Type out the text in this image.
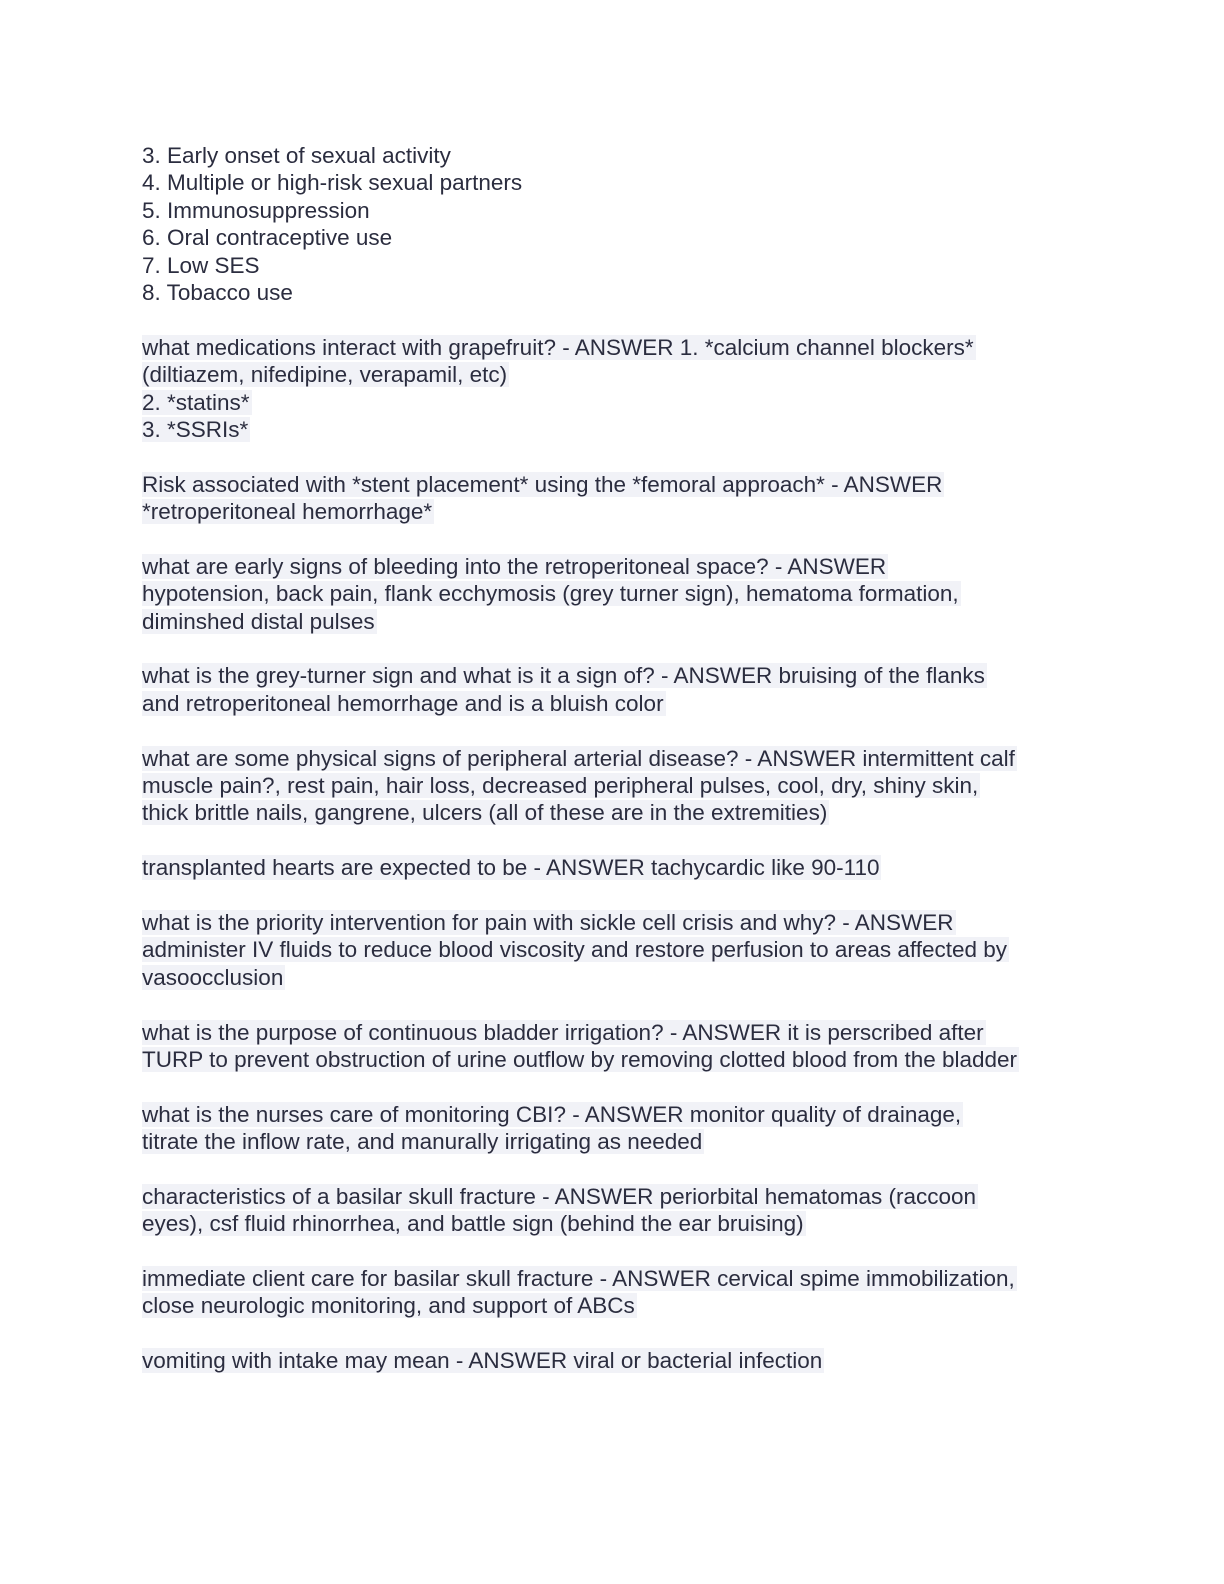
3. Early onset of sexual activity
4. Multiple or high-risk sexual partners
5. Immunosuppression
6. Oral contraceptive use
7. Low SES
8. Tobacco use
what medications interact with grapefruit? - ANSWER 1. *calcium channel blockers*
(diltiazem, nifedipine, verapamil, etc)
2. *statins*
3. *SSRIs*
Risk associated with *stent placement* using the *femoral approach* - ANSWER
*retroperitoneal hemorrhage*
what are early signs of bleeding into the retroperitoneal space? - ANSWER
hypotension, back pain, flank ecchymosis (grey turner sign), hematoma formation,
diminshed distal pulses
what is the grey-turner sign and what is it a sign of? - ANSWER bruising of the flanks
and retroperitoneal hemorrhage and is a bluish color
what are some physical signs of peripheral arterial disease? - ANSWER intermittent calf
muscle pain?, rest pain, hair loss, decreased peripheral pulses, cool, dry, shiny skin,
thick brittle nails, gangrene, ulcers (all of these are in the extremities)
transplanted hearts are expected to be - ANSWER tachycardic like 90-110
what is the priority intervention for pain with sickle cell crisis and why? - ANSWER
administer IV fluids to reduce blood viscosity and restore perfusion to areas affected by
vasoocclusion
what is the purpose of continuous bladder irrigation? - ANSWER it is perscribed after
TURP to prevent obstruction of urine outflow by removing clotted blood from the bladder
what is the nurses care of monitoring CBI? - ANSWER monitor quality of drainage,
titrate the inflow rate, and manurally irrigating as needed
characteristics of a basilar skull fracture - ANSWER periorbital hematomas (raccoon
eyes), csf fluid rhinorrhea, and battle sign (behind the ear bruising)
immediate client care for basilar skull fracture - ANSWER cervical spime immobilization,
close neurologic monitoring, and support of ABCs
vomiting with intake may mean - ANSWER viral or bacterial infection
